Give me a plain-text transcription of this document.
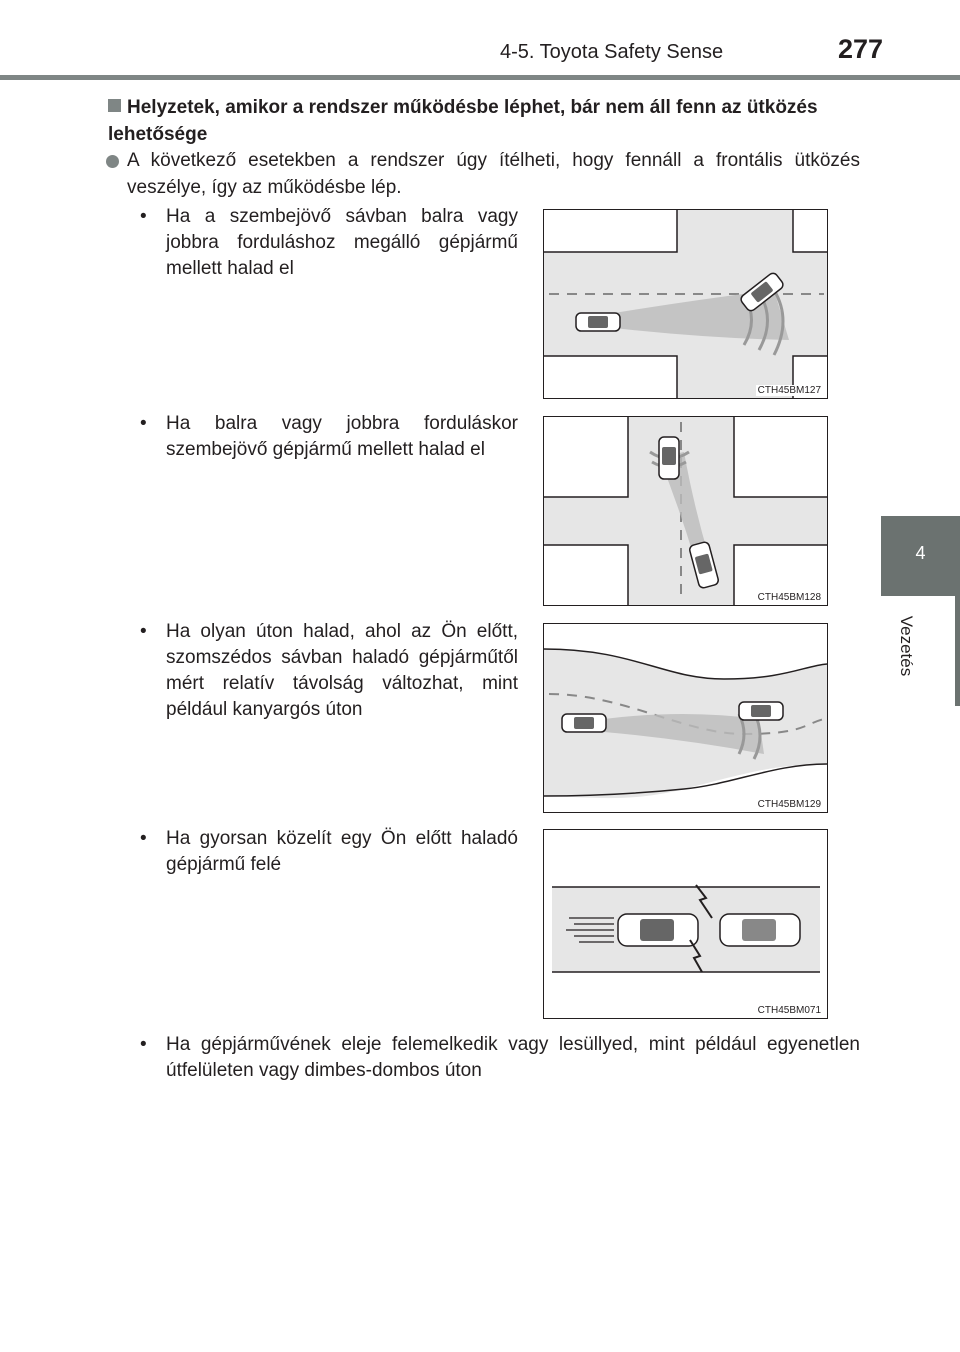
4-5. Toyota Safety Sense	277
4
Vezetés
Helyzetek, amikor a rendszer működésbe léphet, bár nem áll fenn az ütközés lehetősége
A következő esetekben a rendszer úgy ítélheti, hogy fennáll a frontális ütközés veszélye, így az működésbe lép.
•	Ha a szembejövő sávban balra vagy jobbra forduláshoz megálló gépjármű mellett halad el
CTH45BM127
•	Ha balra vagy jobbra forduláskor szembejövő gépjármű mellett halad el
CTH45BM128
•	Ha olyan úton halad, ahol az Ön előtt, szomszédos sávban haladó gépjárműtől mért relatív távolság változhat, mint például kanyargós úton
CTH45BM129
•	Ha gyorsan közelít egy Ön előtt haladó gépjármű felé
CTH45BM071
•	Ha gépjárművének eleje felemelkedik vagy lesüllyed, mint például egyenetlen útfelületen vagy dimbes-dombos úton
